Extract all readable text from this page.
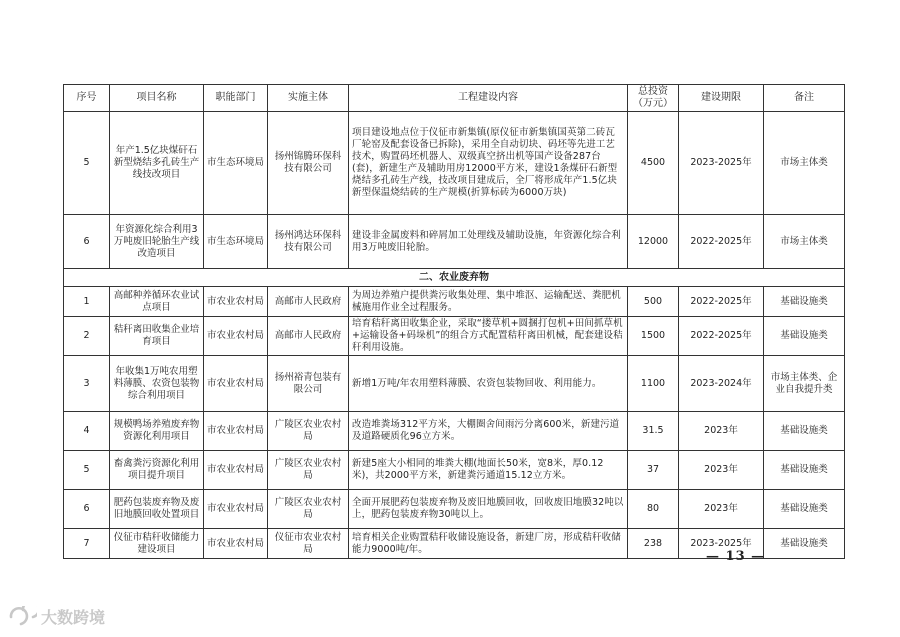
序号	项目名称	职能部门	实施主体	工程建设内容	总投资（万元）	建设期限	备注
5	年产1.5亿块煤矸石新型烧结多孔砖生产线技改项目	市生态环境局	扬州锦腾环保科技有限公司	项目建设地点位于仪征市新集镇(原仪征市新集镇国英第二砖瓦厂轮窑及配套设备已拆除)，采用全自动切块、码坯等先进工艺技术，购置码坯机器人、双级真空挤出机等国产设备287台(套)，新建生产及辅助用房12000平方米，建设1条煤矸石新型烧结多孔砖生产线，技改项目建成后，全厂将形成年产1.5亿块新型保温烧结砖的生产规模(折算标砖为6000万块)	4500	2023-2025年	市场主体类
6	年资源化综合利用3万吨废旧轮胎生产线改造项目	市生态环境局	扬州鸿达环保科技有限公司	建设非金属废料和碎屑加工处理线及辅助设施，年资源化综合利用3万吨废旧轮胎。	12000	2022-2025年	市场主体类
二、农业废弃物							
1	高邮种养循环农业试点项目	市农业农村局	高邮市人民政府	为周边养殖户提供粪污收集处理、集中堆沤、运输配送、粪肥机械施用作业全过程服务。	500	2022-2025年	基础设施类
2	秸秆离田收集企业培育项目	市农业农村局	高邮市人民政府	培育秸秆离田收集企业，采取“搂草机+圆捆打包机+田间抓草机+运输设备+码垛机”的组合方式配置秸秆离田机械，配套建设秸秆利用设施。	1500	2022-2025年	基础设施类
3	年收集1万吨农用塑料薄膜、农资包装物综合利用项目	市农业农村局	扬州裕青包装有限公司	新增1万吨/年农用塑料薄膜、农资包装物回收、利用能力。	1100	2023-2024年	市场主体类、企业自我提升类
4	规模鸭场养殖废弃物资源化利用项目	市农业农村局	广陵区农业农村局	改造堆粪场312平方米，大棚圈舍间雨污分离600米，新建污道及道路硬质化96立方米。	31.5	2023年	基础设施类
5	畜禽粪污资源化利用项目提升项目	市农业农村局	广陵区农业农村局	新建5座大小相同的堆粪大棚(地面长50米，宽8米，厚0.12米)，共2000平方米，新建粪污通道15.12立方米。	37	2023年	基础设施类
6	肥药包装废弃物及废旧地膜回收处置项目	市农业农村局	广陵区农业农村局	全面开展肥药包装废弃物及废旧地膜回收，回收废旧地膜32吨以上，肥药包装废弃物30吨以上。	80	2023年	基础设施类
7	仪征市秸秆收储能力建设项目	市农业农村局	仪征市农业农村局	培育相关企业购置秸秆收储设施设备，新建厂房，形成秸秆收储能力9000吨/年。	238	2023-2025年	基础设施类
— 13 —
大数跨境
